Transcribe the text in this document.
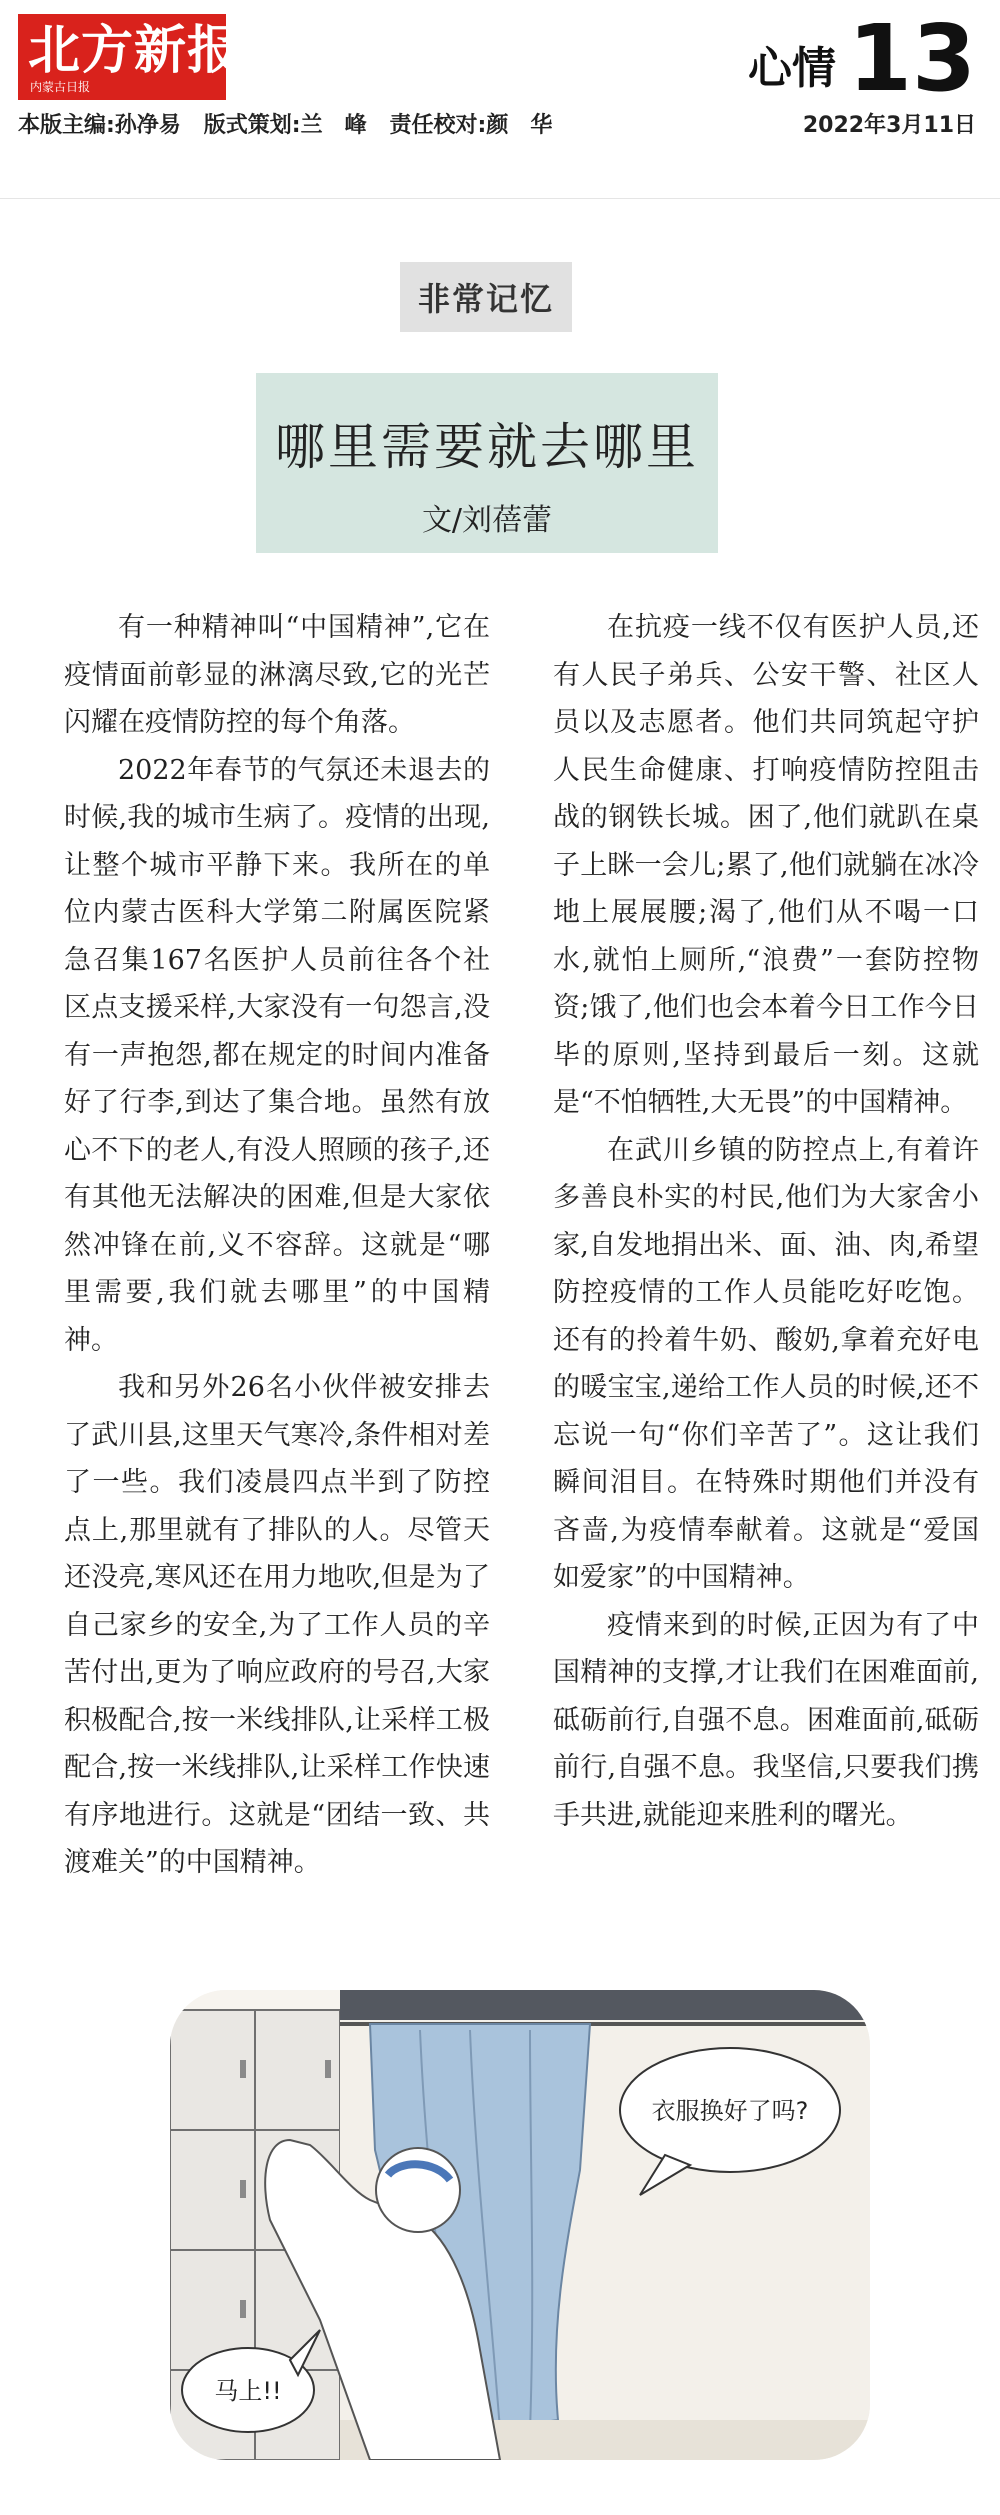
北方新报
内蒙古日报	心情 13
本版主编:孙净易   版式策划:兰　峰   责任校对:颜　华	2022年3月11日
非常记忆
哪里需要就去哪里
文/刘蓓蕾

有一种精神叫“中国精神”,它在疫情面前彰显的淋漓尽致,它的光芒闪耀在疫情防控的每个角落。

2022年春节的气氛还未退去的时候,我的城市生病了。疫情的出现,让整个城市平静下来。我所在的单位内蒙古医科大学第二附属医院紧急召集167名医护人员前往各个社区点支援采样,大家没有一句怨言,没有一声抱怨,都在规定的时间内准备好了行李,到达了集合地。虽然有放心不下的老人,有没人照顾的孩子,还有其他无法解决的困难,但是大家依然冲锋在前,义不容辞。这就是“哪里需要,我们就去哪里”的中国精神。

我和另外26名小伙伴被安排去了武川县,这里天气寒冷,条件相对差了一些。我们凌晨四点半到了防控点上,那里就有了排队的人。尽管天还没亮,寒风还在用力地吹,但是为了自己家乡的安全,为了工作人员的辛苦付出,更为了响应政府的号召,大家积极配合,按一米线排队,让采样工极配合,按一米线排队,让采样工作快速有序地进行。这就是“团结一致、共渡难关”的中国精神。

在抗疫一线不仅有医护人员,还有人民子弟兵、公安干警、社区人员以及志愿者。他们共同筑起守护人民生命健康、打响疫情防控阻击战的钢铁长城。困了,他们就趴在桌子上眯一会儿;累了,他们就躺在冰冷地上展展腰;渴了,他们从不喝一口水,就怕上厕所,“浪费”一套防控物资;饿了,他们也会本着今日工作今日毕的原则,坚持到最后一刻。这就是“不怕牺牲,大无畏”的中国精神。

在武川乡镇的防控点上,有着许多善良朴实的村民,他们为大家舍小家,自发地捐出米、面、油、肉,希望防控疫情的工作人员能吃好吃饱。还有的拎着牛奶、酸奶,拿着充好电的暖宝宝,递给工作人员的时候,还不忘说一句“你们辛苦了”。这让我们瞬间泪目。在特殊时期他们并没有吝啬,为疫情奉献着。这就是“爱国如爱家”的中国精神。

疫情来到的时候,正因为有了中国精神的支撑,才让我们在困难面前,砥砺前行,自强不息。困难面前,砥砺前行,自强不息。我坚信,只要我们携手共进,就能迎来胜利的曙光。

衣服换好了吗?
马上!!
